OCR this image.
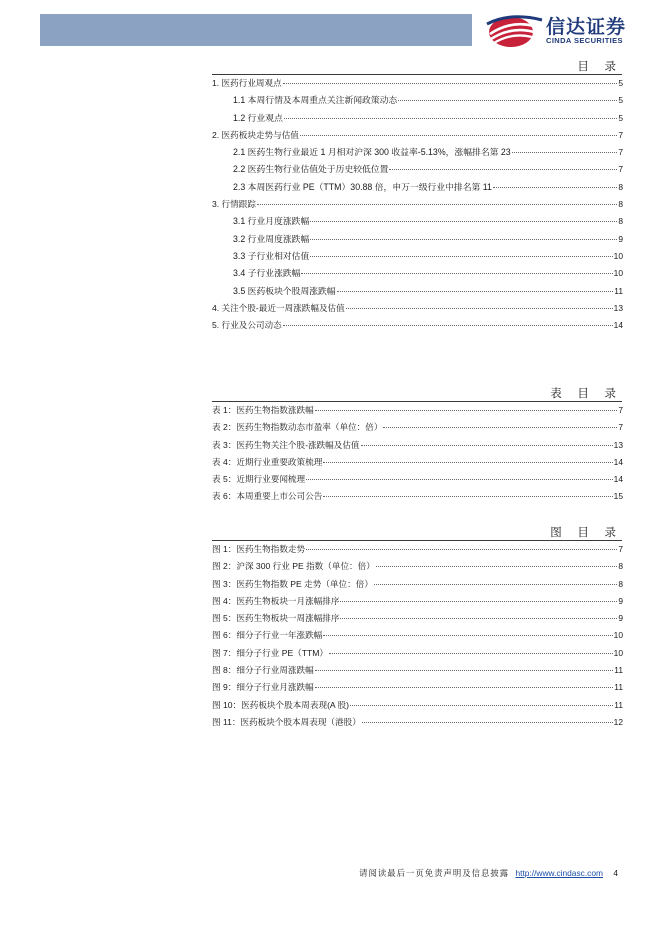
信达证券
CINDA SECURITIES
目 录
1. 医药行业周观点	5
1.1 本周行情及本周重点关注新闻政策动态	5
1.2 行业观点	5
2. 医药板块走势与估值	7
2.1 医药生物行业最近 1 月相对沪深 300 收益率-5.13%，涨幅排名第 23	7
2.2 医药生物行业估值处于历史较低位置	7
2.3 本周医药行业 PE（TTM）30.88 倍，申万一级行业中排名第 11	8
3. 行情跟踪	8
3.1 行业月度涨跌幅	8
3.2 行业周度涨跌幅	9
3.3 子行业相对估值	10
3.4 子行业涨跌幅	10
3.5 医药板块个股周涨跌幅	11
4. 关注个股-最近一周涨跌幅及估值	13
5. 行业及公司动态	14
表 目 录
表 1：医药生物指数涨跌幅	7
表 2：医药生物指数动态市盈率（单位：倍）	7
表 3：医药生物关注个股-涨跌幅及估值	13
表 4：近期行业重要政策梳理	14
表 5：近期行业要闻梳理	14
表 6：本周重要上市公司公告	15
图 目 录
图 1：医药生物指数走势	7
图 2：沪深 300 行业 PE 指数（单位：倍）	8
图 3：医药生物指数 PE 走势（单位：倍）	8
图 4：医药生物板块一月涨幅排序	9
图 5：医药生物板块一周涨幅排序	9
图 6：细分子行业一年涨跌幅	10
图 7：细分子行业 PE（TTM）	10
图 8：细分子行业周涨跌幅	11
图 9：细分子行业月涨跌幅	11
图 10：医药板块个股本周表现(A 股)	11
图 11：医药板块个股本周表现（港股）	12
请阅读最后一页免责声明及信息披露 http://www.cindasc.com 4
